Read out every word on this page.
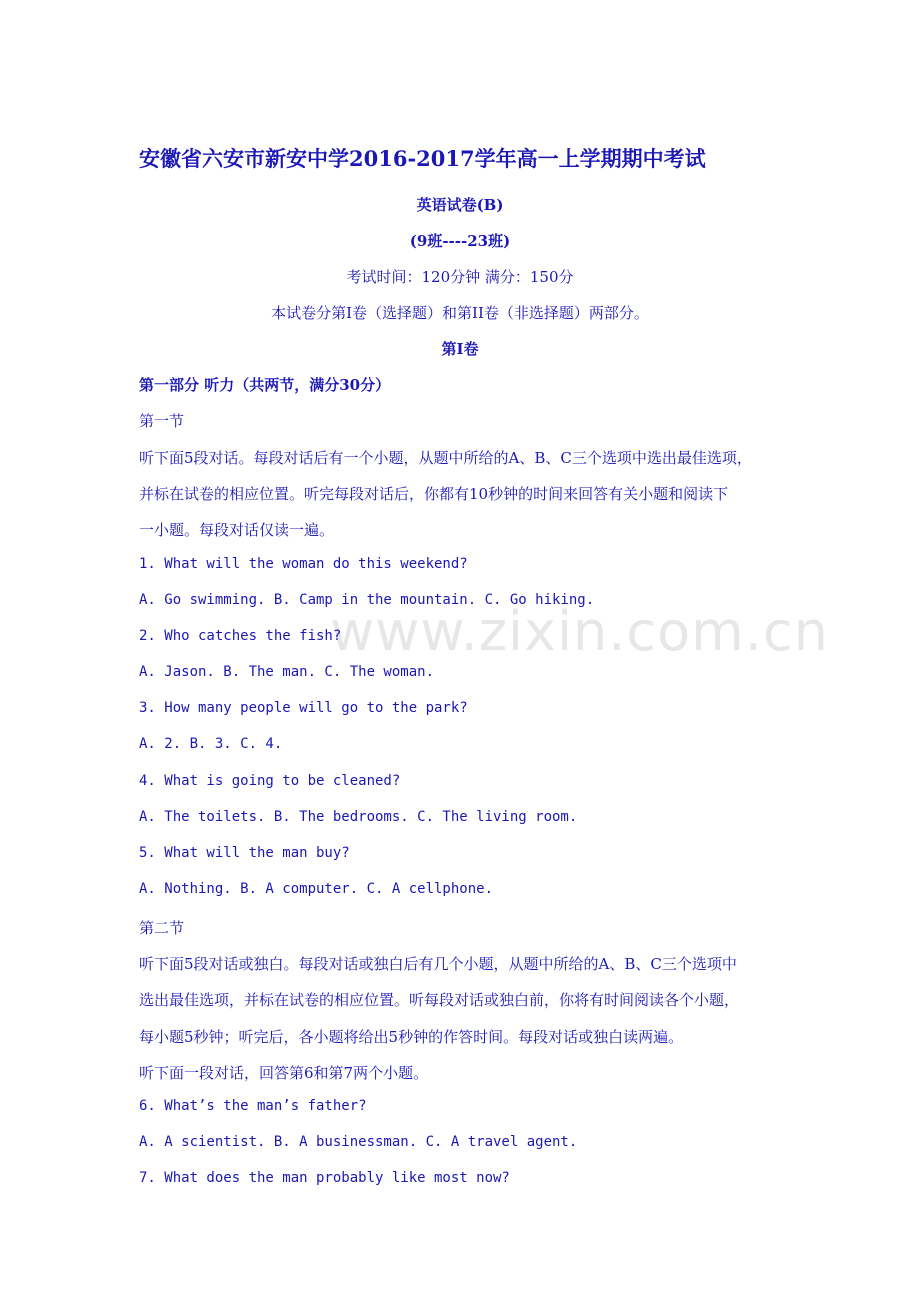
www.zixin.com.cn
安徽省六安市新安中学2016-2017学年高一上学期期中考试
英语试卷(B)
(9班----23班)
考试时间：120分钟 满分：150分
本试卷分第I卷（选择题）和第II卷（非选择题）两部分。
第I卷
第一部分 听力（共两节，满分30分）
第一节
听下面5段对话。每段对话后有一个小题，从题中所给的A、B、C三个选项中选出最佳选项，
并标在试卷的相应位置。听完每段对话后，你都有10秒钟的时间来回答有关小题和阅读下
一小题。每段对话仅读一遍。
1. What will the woman do this weekend?
A. Go swimming. B. Camp in the mountain. C. Go hiking.
2. Who catches the fish?
A. Jason. B. The man. C. The woman.
3. How many people will go to the park?
A. 2. B. 3. C. 4.
4. What is going to be cleaned?
A. The toilets. B. The bedrooms. C. The living room.
5. What will the man buy?
A. Nothing. B. A computer. C. A cellphone.
第二节
听下面5段对话或独白。每段对话或独白后有几个小题，从题中所给的A、B、C三个选项中
选出最佳选项，并标在试卷的相应位置。听每段对话或独白前，你将有时间阅读各个小题，
每小题5秒钟；听完后，各小题将给出5秒钟的作答时间。每段对话或独白读两遍。
听下面一段对话，回答第6和第7两个小题。
6. What’s the man’s father?
A. A scientist. B. A businessman. C. A travel agent.
7. What does the man probably like most now?
